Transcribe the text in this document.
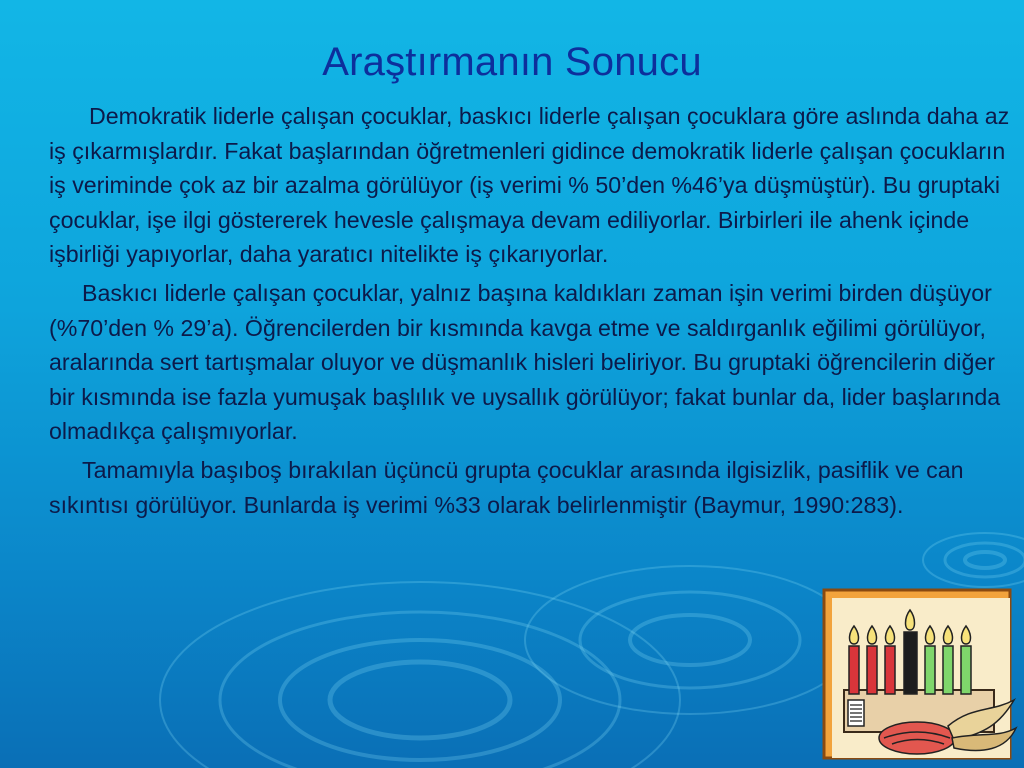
Araştırmanın Sonucu

Demokratik liderle çalışan çocuklar, baskıcı liderle çalışan çocuklara göre aslında daha az iş çıkarmışlardır. Fakat başlarından öğretmenleri gidince demokratik liderle çalışan çocukların iş veriminde çok az bir azalma görülüyor (iş verimi % 50’den %46’ya düşmüştür). Bu gruptaki çocuklar, işe ilgi göstererek hevesle çalışmaya devam ediliyorlar. Birbirleri ile ahenk içinde işbirliği yapıyorlar, daha yaratıcı nitelikte iş çıkarıyorlar.

Baskıcı liderle çalışan çocuklar, yalnız başına kaldıkları zaman işin verimi birden düşüyor (%70’den % 29’a). Öğrencilerden bir kısmında kavga etme ve saldırganlık eğilimi görülüyor, aralarında sert tartışmalar oluyor ve düşmanlık hisleri beliriyor. Bu gruptaki öğrencilerin diğer bir kısmında ise fazla yumuşak başlılık ve uysallık görülüyor; fakat bunlar da, lider başlarında olmadıkça çalışmıyorlar.

Tamamıyla başıboş bırakılan üçüncü grupta çocuklar arasında ilgisizlik, pasiflik ve can sıkıntısı görülüyor. Bunlarda iş verimi %33 olarak belirlenmiştir (Baymur, 1990:283).
